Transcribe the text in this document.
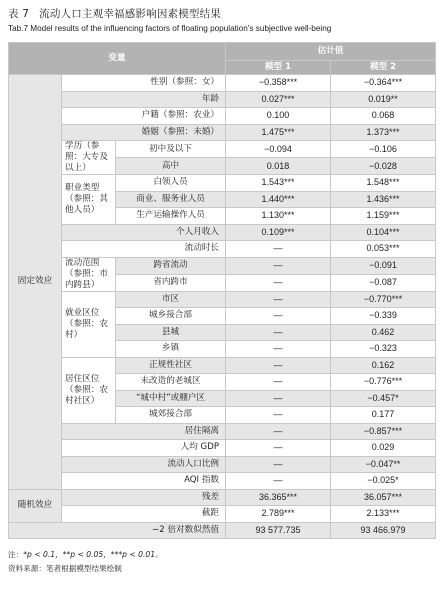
表 7 流动人口主观幸福感影响因素模型结果
Tab.7 Model results of the influencing factors of floating population's subjective well-being
变量			估计值	
			模型 1	模型 2
固定效应	性别（参照：女）		−0.358***	−0.364***
	年龄		0.027***	0.019**
	户籍（参照：农业）		0.100	0.068
	婚姻（参照：未婚）		1.475***	1.373***
	学历（参照：大专及以上）	初中及以下	−0.094	−0.106
		高中	0.018	−0.028
	职业类型（参照：其他人员）	白领人员	1.543***	1.548***
		商业、服务业人员	1.440***	1.436***
		生产运输操作人员	1.130***	1.159***
	个人月收入		0.109***	0.104***
	流动时长		—	0.053***
	流动范围（参照：市内跨县）	跨省流动	—	−0.091
		省内跨市	—	−0.087
	就业区位（参照：农村）	市区	—	−0.770***
		城乡接合部	—	−0.339
		县城	—	0.462
		乡镇	—	−0.323
	居住区位（参照：农村社区）	正规性社区	—	0.162
		未改造的老城区	—	−0.776***
		“城中村”或棚户区	—	−0.457*
		城郊接合部	—	0.177
	居住隔离		—	−0.857***
	人均 GDP		—	0.029
	流动人口比例		—	−0.047**
	AQI 指数		—	−0.025*
随机效应	残差		36.365***	36.057***
	截距		2.789***	2.133***
−2 倍对数似然值			93 577.735	93 466.979
注：*p < 0.1，**p < 0.05，***p < 0.01。
资料来源：笔者根据模型结果绘制
